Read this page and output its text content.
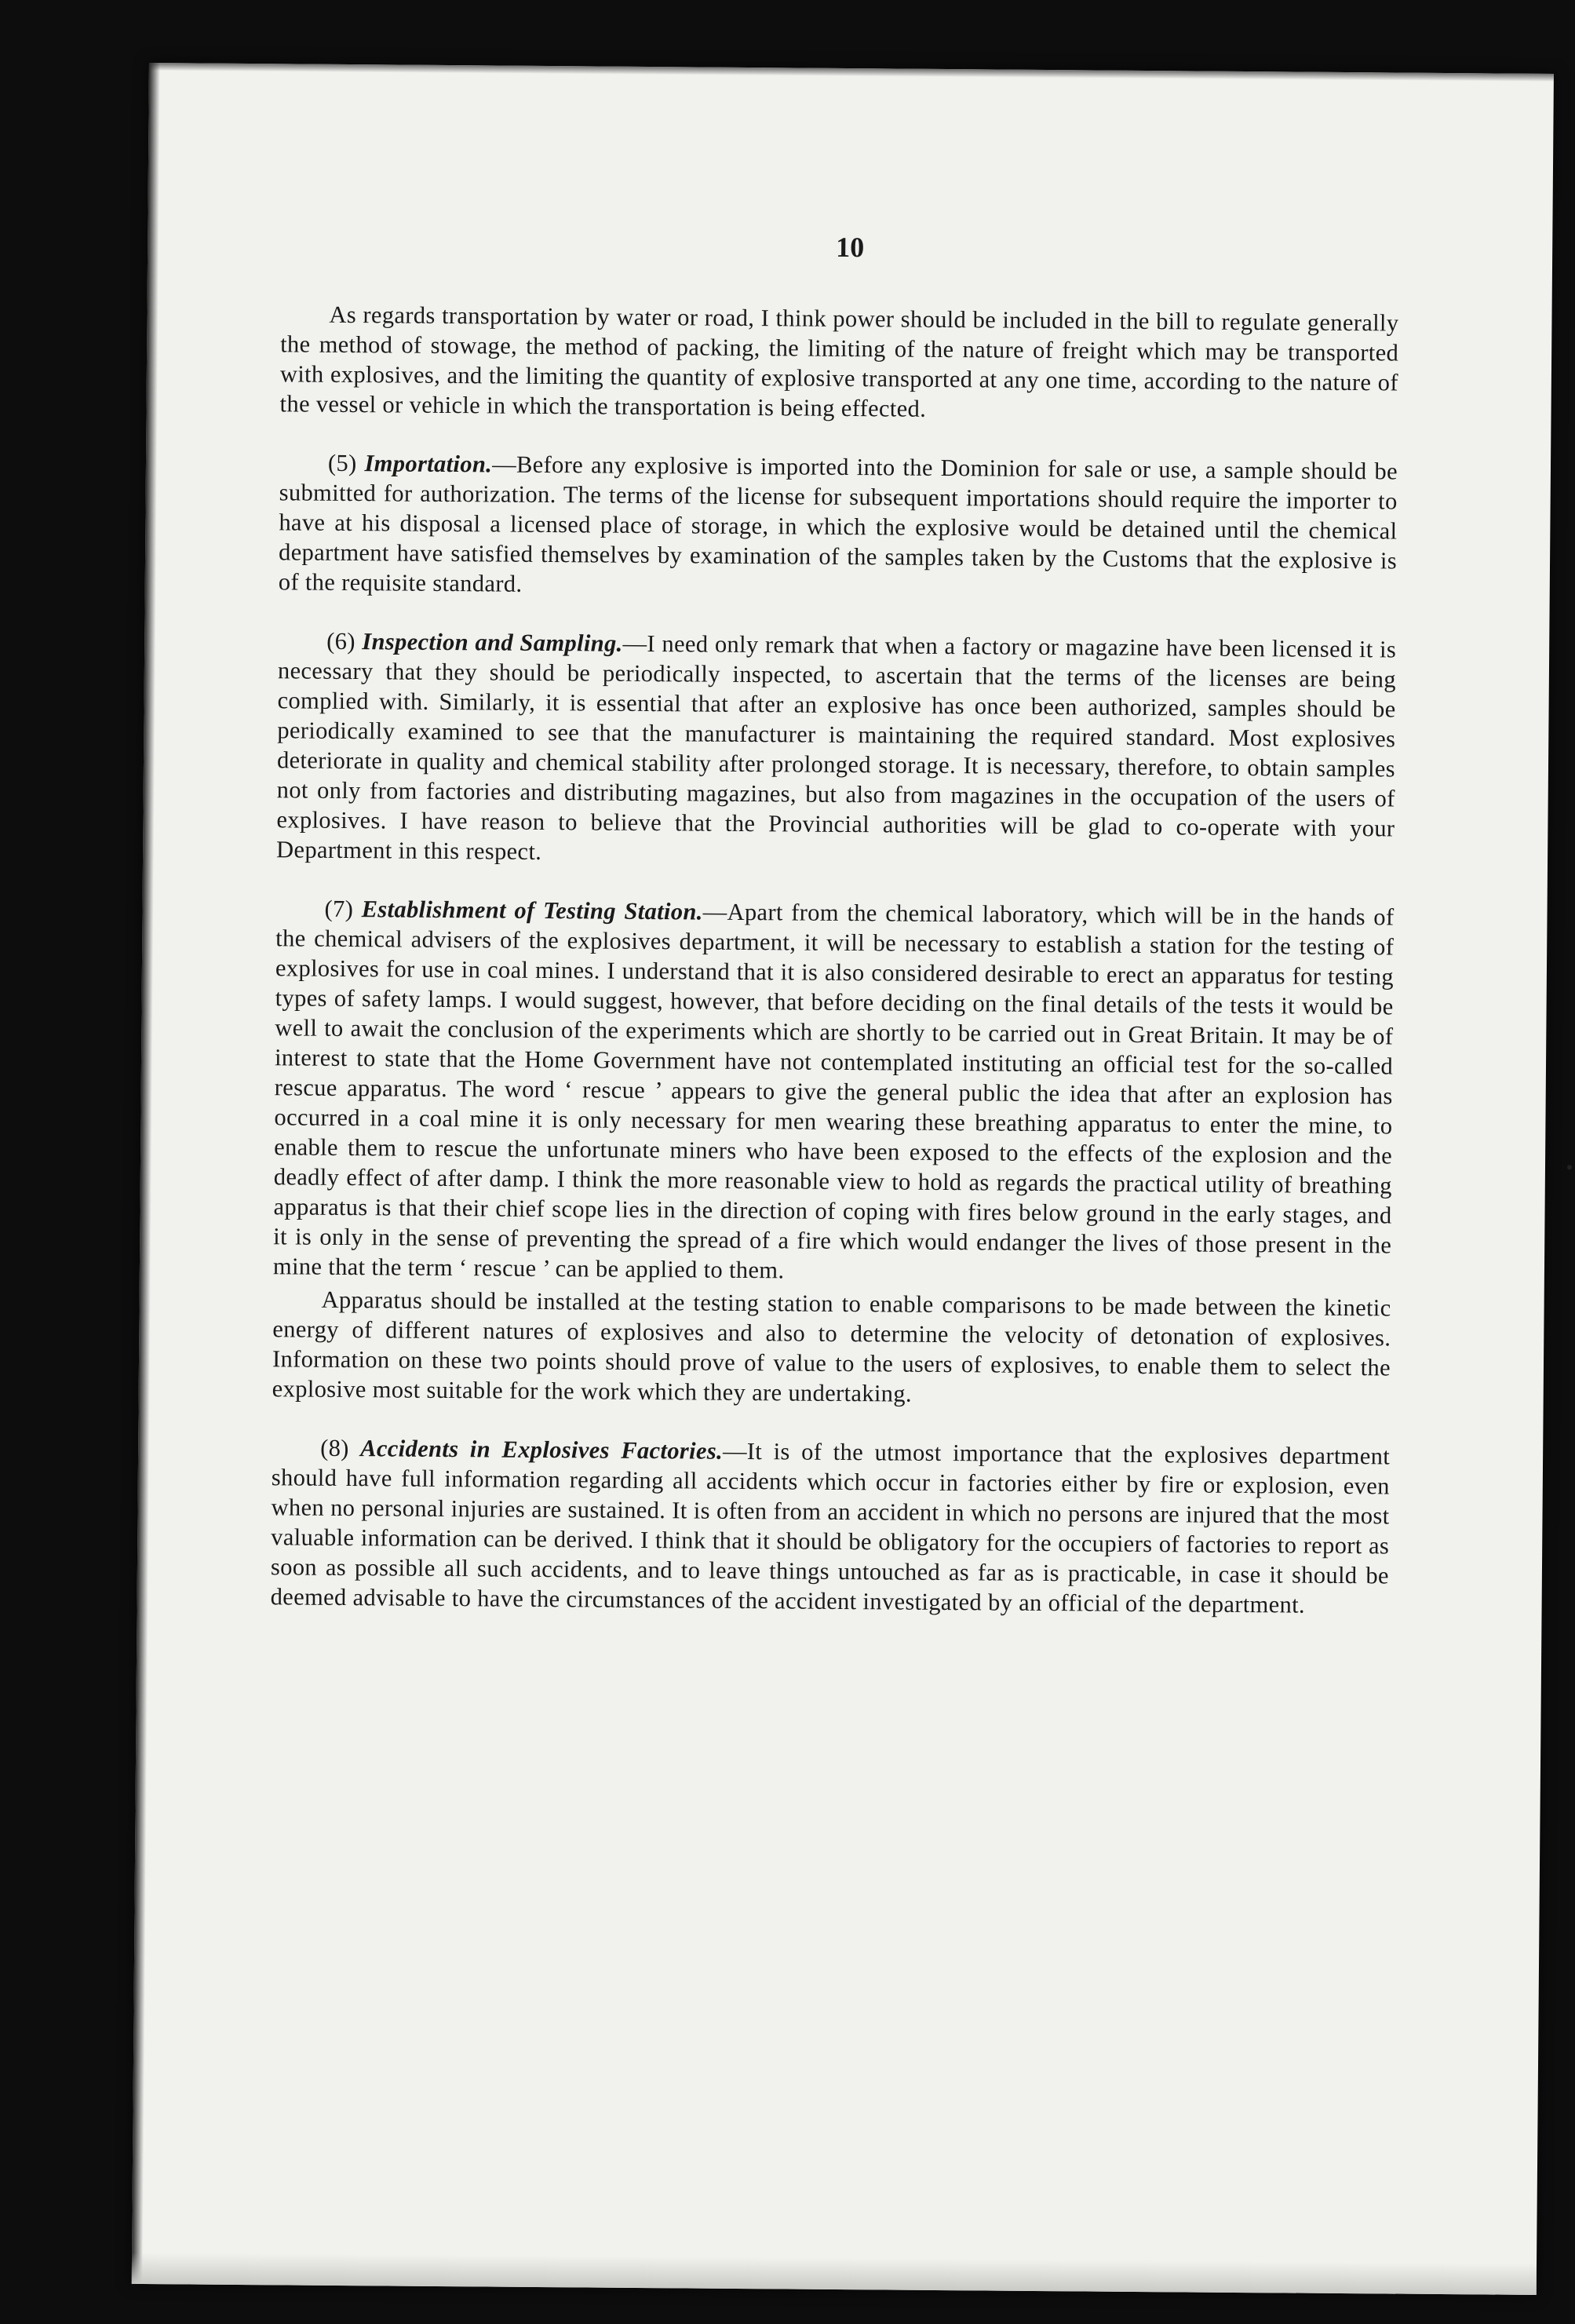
10

As regards transportation by water or road, I think power should be included in the bill to regulate generally the method of stowage, the method of packing, the limiting of the nature of freight which may be transported with explosives, and the limiting the quantity of explosive transported at any one time, according to the nature of the vessel or vehicle in which the transportation is being effected.

(5) Importation.—Before any explosive is imported into the Dominion for sale or use, a sample should be submitted for authorization. The terms of the license for subsequent importations should require the importer to have at his disposal a licensed place of storage, in which the explosive would be detained until the chemical department have satisfied themselves by examination of the samples taken by the Customs that the explosive is of the requisite standard.

(6) Inspection and Sampling.—I need only remark that when a factory or magazine have been licensed it is necessary that they should be periodically inspected, to ascertain that the terms of the licenses are being complied with. Similarly, it is essential that after an explosive has once been authorized, samples should be periodically examined to see that the manufacturer is maintaining the required standard. Most explosives deteriorate in quality and chemical stability after prolonged storage. It is necessary, therefore, to obtain samples not only from factories and distributing magazines, but also from magazines in the occupation of the users of explosives. I have reason to believe that the Provincial authorities will be glad to co-operate with your Department in this respect.

(7) Establishment of Testing Station.—Apart from the chemical laboratory, which will be in the hands of the chemical advisers of the explosives department, it will be necessary to establish a station for the testing of explosives for use in coal mines. I understand that it is also considered desirable to erect an apparatus for testing types of safety lamps. I would suggest, however, that before deciding on the final details of the tests it would be well to await the conclusion of the experiments which are shortly to be carried out in Great Britain. It may be of interest to state that the Home Government have not contemplated instituting an official test for the so-called rescue apparatus. The word ‘ rescue ’ appears to give the general public the idea that after an explosion has occurred in a coal mine it is only necessary for men wearing these breathing apparatus to enter the mine, to enable them to rescue the unfortunate miners who have been exposed to the effects of the explosion and the deadly effect of after damp. I think the more reasonable view to hold as regards the practical utility of breathing apparatus is that their chief scope lies in the direction of coping with fires below ground in the early stages, and it is only in the sense of preventing the spread of a fire which would endanger the lives of those present in the mine that the term ‘ rescue ’ can be applied to them.

Apparatus should be installed at the testing station to enable comparisons to be made between the kinetic energy of different natures of explosives and also to determine the velocity of detonation of explosives. Information on these two points should prove of value to the users of explosives, to enable them to select the explosive most suitable for the work which they are undertaking.

(8) Accidents in Explosives Factories.—It is of the utmost importance that the explosives department should have full information regarding all accidents which occur in factories either by fire or explosion, even when no personal injuries are sustained. It is often from an accident in which no persons are injured that the most valuable information can be derived. I think that it should be obligatory for the occupiers of factories to report as soon as possible all such accidents, and to leave things untouched as far as is practicable, in case it should be deemed advisable to have the circumstances of the accident investigated by an official of the department.
